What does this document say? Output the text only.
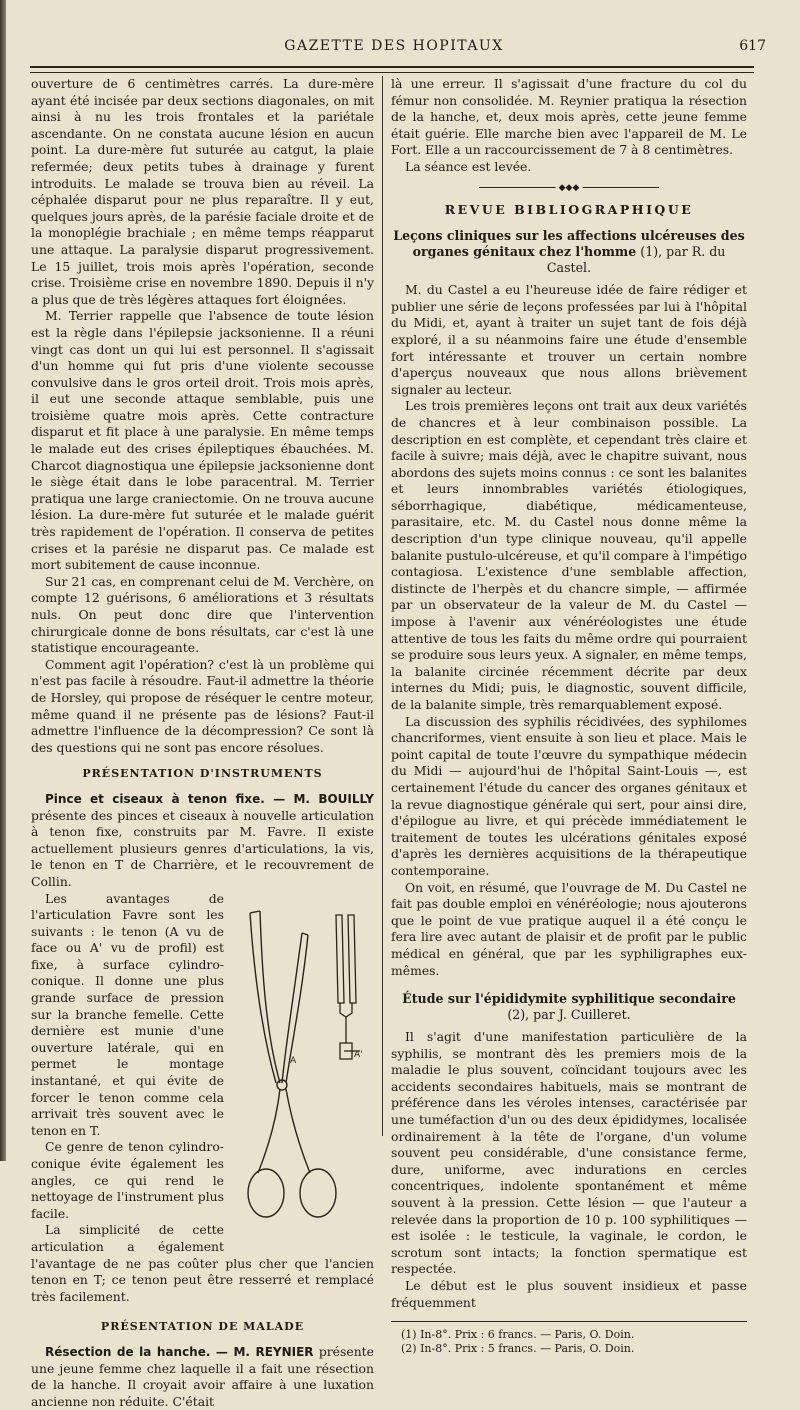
GAZETTE DES HOPITAUX	617

ouverture de 6 centimètres carrés. La dure-mère ayant été incisée par deux sections diagonales, on mit ainsi à nu les trois frontales et la pariétale ascendante. On ne constata aucune lésion en aucun point. La dure-mère fut suturée au catgut, la plaie refermée; deux petits tubes à drainage y furent introduits. Le malade se trouva bien au réveil. La céphalée disparut pour ne plus reparaître. Il y eut, quelques jours après, de la parésie faciale droite et de la monoplégie brachiale ; en même temps réapparut une attaque. La paralysie disparut progressivement. Le 15 juillet, trois mois après l'opération, seconde crise. Troisième crise en novembre 1890. Depuis il n'y a plus que de très légères attaques fort éloignées.

M. Terrier rappelle que l'absence de toute lésion est la règle dans l'épilepsie jacksonienne. Il a réuni vingt cas dont un qui lui est personnel. Il s'agissait d'un homme qui fut pris d'une violente secousse convulsive dans le gros orteil droit. Trois mois après, il eut une seconde attaque semblable, puis une troisième quatre mois après. Cette contracture disparut et fit place à une paralysie. En même temps le malade eut des crises épileptiques ébauchées. M. Charcot diagnostiqua une épilepsie jacksonienne dont le siège était dans le lobe paracentral. M. Terrier pratiqua une large craniectomie. On ne trouva aucune lésion. La dure-mère fut suturée et le malade guérit très rapidement de l'opération. Il conserva de petites crises et la parésie ne disparut pas. Ce malade est mort subitement de cause inconnue.

Sur 21 cas, en comprenant celui de M. Verchère, on compte 12 guérisons, 6 améliorations et 3 résultats nuls. On peut donc dire que l'intervention chirurgicale donne de bons résultats, car c'est là une statistique encourageante.

Comment agit l'opération? c'est là un problème qui n'est pas facile à résoudre. Faut-il admettre la théorie de Horsley, qui propose de réséquer le centre moteur, même quand il ne présente pas de lésions? Faut-il admettre l'influence de la décompression? Ce sont là des questions qui ne sont pas encore résolues.

PRÉSENTATION D'INSTRUMENTS

Pince et ciseaux à tenon fixe. — M. BOUILLY présente des pinces et ciseaux à nouvelle articulation à tenon fixe, construits par M. Favre. Il existe actuellement plusieurs genres d'articulations, la vis, le tenon en T de Charrière, et le recouvrement de Collin.

A'
A

Les avantages de l'articulation Favre sont les suivants : le tenon (A vu de face ou A' vu de profil) est fixe, à surface cylindro-conique. Il donne une plus grande surface de pression sur la branche femelle. Cette dernière est munie d'une ouverture latérale, qui en permet le montage instantané, et qui évite de forcer le tenon comme cela arrivait très souvent avec le tenon en T.

Ce genre de tenon cylindro-conique évite également les angles, ce qui rend le nettoyage de l'instrument plus facile.

La simplicité de cette articulation a également l'avantage de ne pas coûter plus cher que l'ancien tenon en T; ce tenon peut être resserré et remplacé très facilement.

PRÉSENTATION DE MALADE

Résection de la hanche. — M. REYNIER présente une jeune femme chez laquelle il a fait une résection de la hanche. Il croyait avoir affaire à une luxation ancienne non réduite. C'était

là une erreur. Il s'agissait d'une fracture du col du fémur non consolidée. M. Reynier pratiqua la résection de la hanche, et, deux mois après, cette jeune femme était guérie. Elle marche bien avec l'appareil de M. Le Fort. Elle a un raccourcissement de 7 à 8 centimètres.

La séance est levée.

◆◆◆
REVUE BIBLIOGRAPHIQUE
Leçons cliniques sur les affections ulcéreuses des organes génitaux chez l'homme (1), par R. du Castel.

M. du Castel a eu l'heureuse idée de faire rédiger et publier une série de leçons professées par lui à l'hôpital du Midi, et, ayant à traiter un sujet tant de fois déjà exploré, il a su néanmoins faire une étude d'ensemble fort intéressante et trouver un certain nombre d'aperçus nouveaux que nous allons brièvement signaler au lecteur.

Les trois premières leçons ont trait aux deux variétés de chancres et à leur combinaison possible. La description en est complète, et cependant très claire et facile à suivre; mais déjà, avec le chapitre suivant, nous abordons des sujets moins connus : ce sont les balanites et leurs innombrables variétés étiologiques, séborrhagique, diabétique, médicamenteuse, parasitaire, etc. M. du Castel nous donne même la description d'un type clinique nouveau, qu'il appelle balanite pustulo-ulcéreuse, et qu'il compare à l'impétigo contagiosa. L'existence d'une semblable affection, distincte de l'herpès et du chancre simple, — affirmée par un observateur de la valeur de M. du Castel — impose à l'avenir aux vénéréologistes une étude attentive de tous les faits du même ordre qui pourraient se produire sous leurs yeux. A signaler, en même temps, la balanite circinée récemment décrite par deux internes du Midi; puis, le diagnostic, souvent difficile, de la balanite simple, très remarquablement exposé.

La discussion des syphilis récidivées, des syphilomes chancriformes, vient ensuite à son lieu et place. Mais le point capital de toute l'œuvre du sympathique médecin du Midi — aujourd'hui de l'hôpital Saint-Louis —, est certainement l'étude du cancer des organes génitaux et la revue diagnostique générale qui sert, pour ainsi dire, d'épilogue au livre, et qui précède immédiatement le traitement de toutes les ulcérations génitales exposé d'après les dernières acquisitions de la thérapeutique contemporaine.

On voit, en résumé, que l'ouvrage de M. Du Castel ne fait pas double emploi en vénéréologie; nous ajouterons que le point de vue pratique auquel il a été conçu le fera lire avec autant de plaisir et de profit par le public médical en général, que par les syphiligraphes eux-mêmes.

Étude sur l'épididymite syphilitique secondaire (2), par J. Cuilleret.

Il s'agit d'une manifestation particulière de la syphilis, se montrant dès les premiers mois de la maladie le plus souvent, coïncidant toujours avec les accidents secondaires habituels, mais se montrant de préférence dans les véroles intenses, caractérisée par une tuméfaction d'un ou des deux épididymes, localisée ordinairement à la tête de l'organe, d'un volume souvent peu considérable, d'une consistance ferme, dure, uniforme, avec indurations en cercles concentriques, indolente spontanément et même souvent à la pression. Cette lésion — que l'auteur a relevée dans la proportion de 10 p. 100 syphilitiques — est isolée : le testicule, la vaginale, le cordon, le scrotum sont intacts; la fonction spermatique est respectée.

Le début est le plus souvent insidieux et passe fréquemment

(1) In-8°. Prix : 6 francs. — Paris, O. Doin.

(2) In-8°. Prix : 5 francs. — Paris, O. Doin.
